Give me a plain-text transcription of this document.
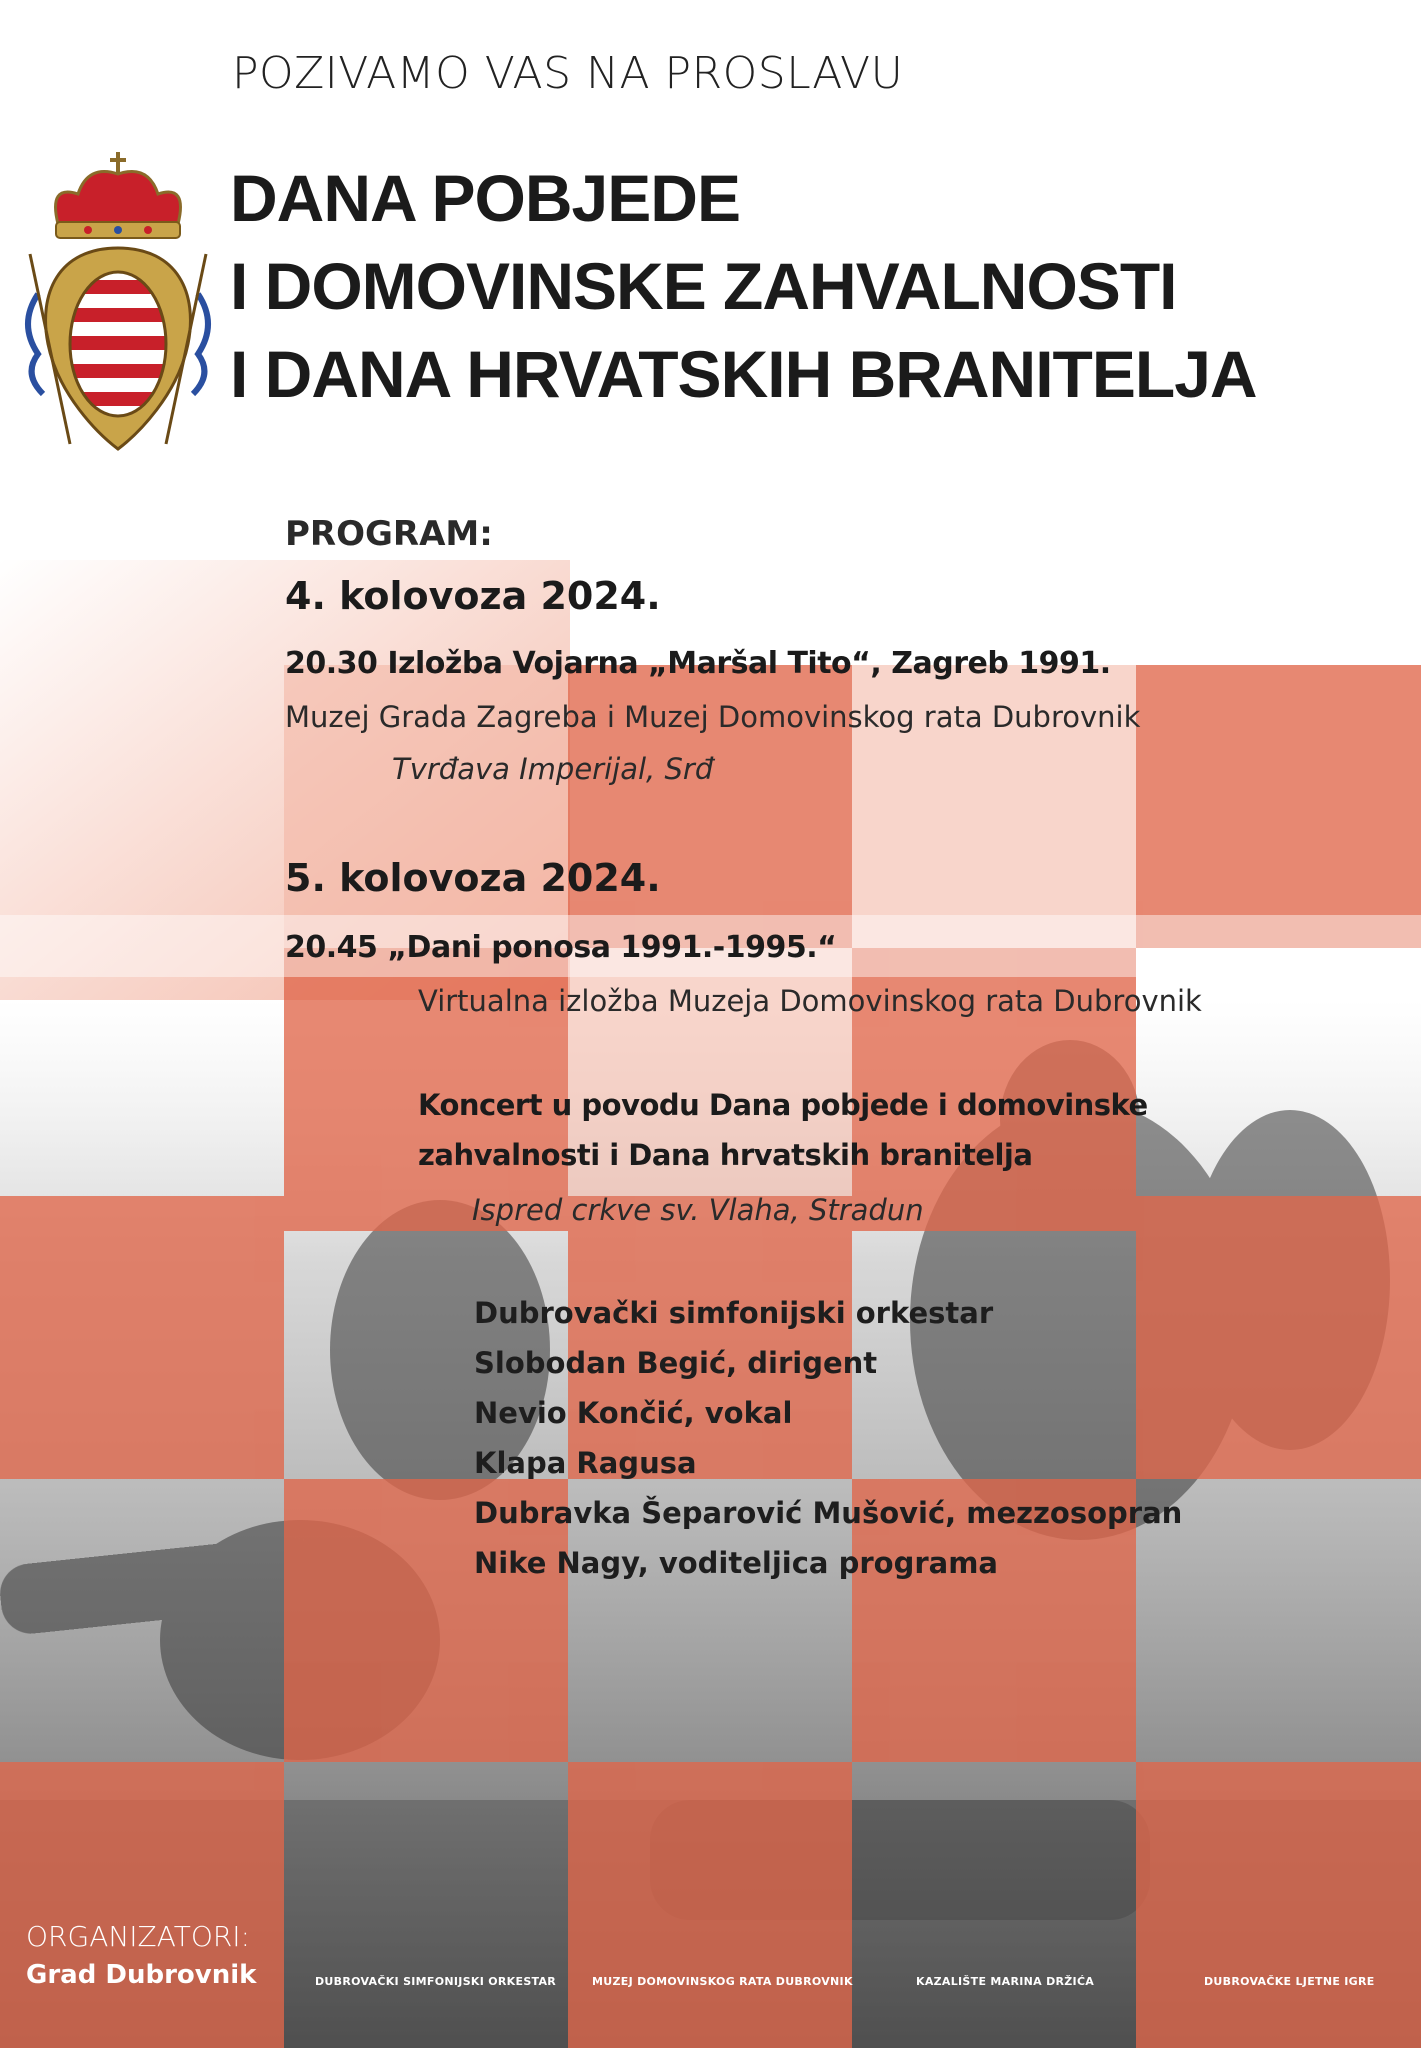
POZIVAMO VAS NA PROSLAVU
DANA POBJEDE
I DOMOVINSKE ZAHVALNOSTI
I DANA HRVATSKIH BRANITELJA
PROGRAM:
4. kolovoza 2024.
20.30 Izložba Vojarna „Maršal Tito“, Zagreb 1991.
Muzej Grada Zagreba i Muzej Domovinskog rata Dubrovnik
Tvrđava Imperijal, Srđ
5. kolovoza 2024.
20.45 „Dani ponosa 1991.-1995.“
Virtualna izložba Muzeja Domovinskog rata Dubrovnik
Koncert u povodu Dana pobjede i domovinske
zahvalnosti i Dana hrvatskih branitelja
Ispred crkve sv. Vlaha, Stradun
Dubrovački simfonijski orkestar
Slobodan Begić, dirigent
Nevio Končić, vokal
Klapa Ragusa
Dubravka Šeparović Mušović, mezzosopran
Nike Nagy, voditeljica programa
ORGANIZATORI:
Grad Dubrovnik	DUBROVAČKI SIMFONIJSKI ORKESTAR	MUZEJ DOMOVINSKOG RATA DUBROVNIK	KAZALIŠTE MARINA DRŽIĆA	DUBROVAČKE LJETNE IGRE
